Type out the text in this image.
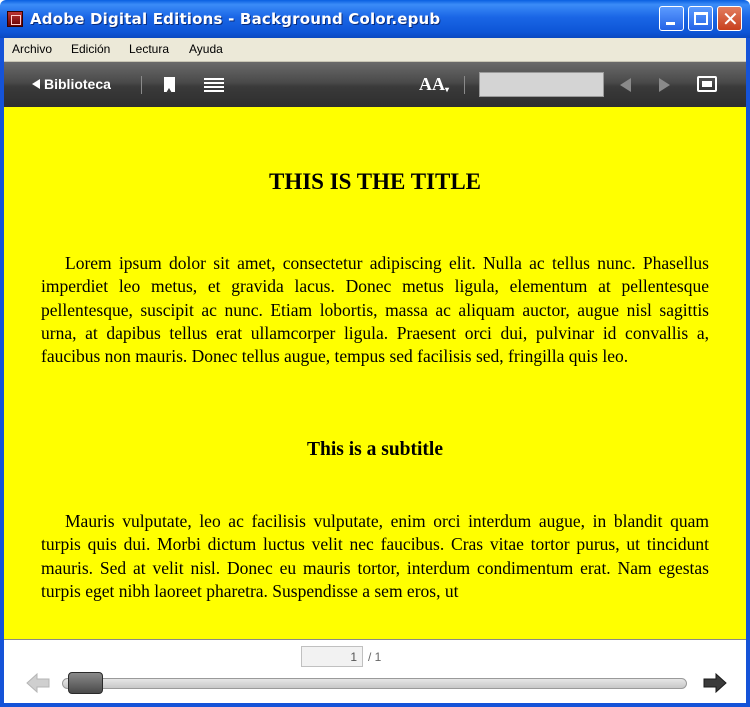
Adobe Digital Editions - Background Color.epub	✕
Archivo Edición Lectura Ayuda
Biblioteca	AA▾
THIS IS THE TITLE
Lorem ipsum dolor sit amet, consectetur adipiscing elit. Nulla ac tellus nunc. Phasellus imperdiet leo metus, et gravida lacus. Donec metus ligula, elementum at pellentesque pellentesque, suscipit ac nunc. Etiam lobortis, massa ac aliquam auctor, augue nisl sagittis urna, at dapibus tellus erat ullamcorper ligula. Praesent orci dui, pulvinar id convallis a, faucibus non mauris. Donec tellus augue, tempus sed facilisis sed, fringilla quis leo.
This is a subtitle
Mauris vulputate, leo ac facilisis vulputate, enim orci interdum augue, in blandit quam turpis quis dui. Morbi dictum luctus velit nec faucibus. Cras vitae tortor purus, ut tincidunt mauris. Sed at velit nisl. Donec eu mauris tortor, interdum condimentum erat. Nam egestas turpis eget nibh laoreet pharetra. Suspendisse a sem eros, ut
1 / 1
